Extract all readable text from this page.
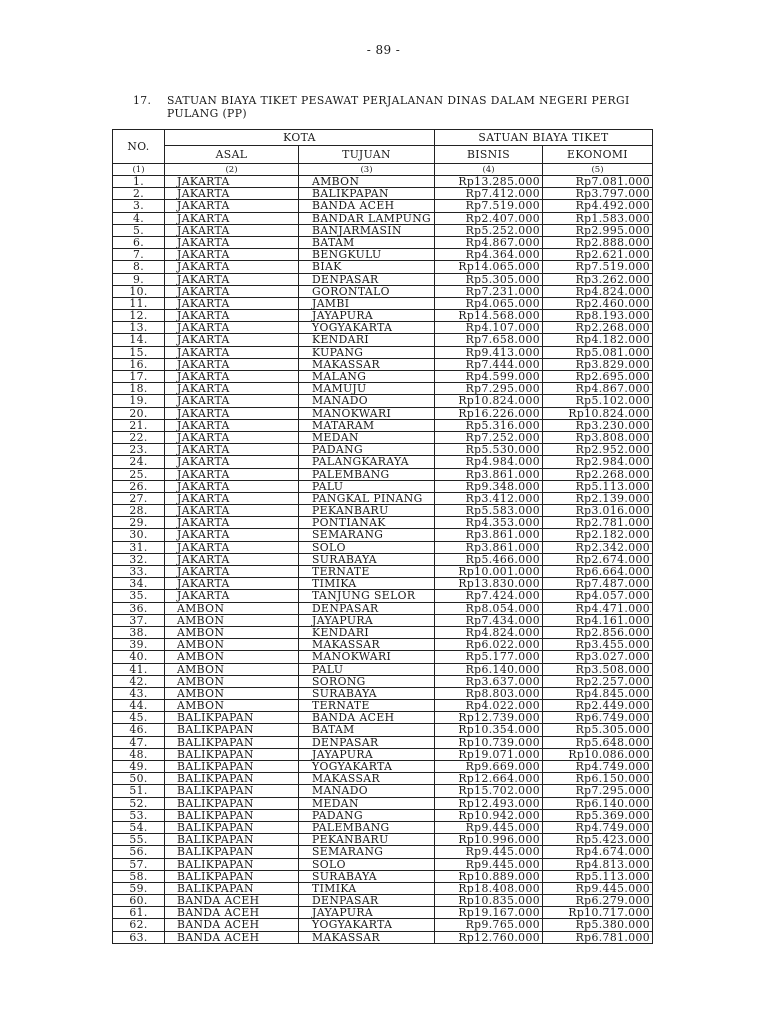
- 89 -
17. SATUAN BIAYA TIKET PESAWAT PERJALANAN DINAS DALAM NEGERI PERGI
PULANG (PP)
NO.
KOTA	SATUAN BIAYA TIKET
ASAL	TUJUAN	BISNIS	EKONOMI
(1)	(2)	(3)	(4)	(5)
1.	JAKARTA	AMBON	Rp13.285.000	Rp7.081.000
2.	JAKARTA	BALIKPAPAN	Rp7.412.000	Rp3.797.000
3.	JAKARTA	BANDA ACEH	Rp7.519.000	Rp4.492.000
4.	JAKARTA	BANDAR LAMPUNG	Rp2.407.000	Rp1.583.000
5.	JAKARTA	BANJARMASIN	Rp5.252.000	Rp2.995.000
6.	JAKARTA	BATAM	Rp4.867.000	Rp2.888.000
7.	JAKARTA	BENGKULU	Rp4.364.000	Rp2.621.000
8.	JAKARTA	BIAK	Rp14.065.000	Rp7.519.000
9.	JAKARTA	DENPASAR	Rp5.305.000	Rp3.262.000
10.	JAKARTA	GORONTALO	Rp7.231.000	Rp4.824.000
11.	JAKARTA	JAMBI	Rp4.065.000	Rp2.460.000
12.	JAKARTA	JAYAPURA	Rp14.568.000	Rp8.193.000
13.	JAKARTA	YOGYAKARTA	Rp4.107.000	Rp2.268.000
14.	JAKARTA	KENDARI	Rp7.658.000	Rp4.182.000
15.	JAKARTA	KUPANG	Rp9.413.000	Rp5.081.000
16.	JAKARTA	MAKASSAR	Rp7.444.000	Rp3.829.000
17.	JAKARTA	MALANG	Rp4.599.000	Rp2.695.000
18.	JAKARTA	MAMUJU	Rp7.295.000	Rp4.867.000
19.	JAKARTA	MANADO	Rp10.824.000	Rp5.102.000
20.	JAKARTA	MANOKWARI	Rp16.226.000	Rp10.824.000
21.	JAKARTA	MATARAM	Rp5.316.000	Rp3.230.000
22.	JAKARTA	MEDAN	Rp7.252.000	Rp3.808.000
23.	JAKARTA	PADANG	Rp5.530.000	Rp2.952.000
24.	JAKARTA	PALANGKARAYA	Rp4.984.000	Rp2.984.000
25.	JAKARTA	PALEMBANG	Rp3.861.000	Rp2.268.000
26.	JAKARTA	PALU	Rp9.348.000	Rp5.113.000
27.	JAKARTA	PANGKAL PINANG	Rp3.412.000	Rp2.139.000
28.	JAKARTA	PEKANBARU	Rp5.583.000	Rp3.016.000
29.	JAKARTA	PONTIANAK	Rp4.353.000	Rp2.781.000
30.	JAKARTA	SEMARANG	Rp3.861.000	Rp2.182.000
31.	JAKARTA	SOLO	Rp3.861.000	Rp2.342.000
32.	JAKARTA	SURABAYA	Rp5.466.000	Rp2.674.000
33.	JAKARTA	TERNATE	Rp10.001.000	Rp6.664.000
34.	JAKARTA	TIMIKA	Rp13.830.000	Rp7.487.000
35.	JAKARTA	TANJUNG SELOR	Rp7.424.000	Rp4.057.000
36.	AMBON	DENPASAR	Rp8.054.000	Rp4.471.000
37.	AMBON	JAYAPURA	Rp7.434.000	Rp4.161.000
38.	AMBON	KENDARI	Rp4.824.000	Rp2.856.000
39.	AMBON	MAKASSAR	Rp6.022.000	Rp3.455.000
40.	AMBON	MANOKWARI	Rp5.177.000	Rp3.027.000
41.	AMBON	PALU	Rp6.140.000	Rp3.508.000
42.	AMBON	SORONG	Rp3.637.000	Rp2.257.000
43.	AMBON	SURABAYA	Rp8.803.000	Rp4.845.000
44.	AMBON	TERNATE	Rp4.022.000	Rp2.449.000
45.	BALIKPAPAN	BANDA ACEH	Rp12.739.000	Rp6.749.000
46.	BALIKPAPAN	BATAM	Rp10.354.000	Rp5.305.000
47.	BALIKPAPAN	DENPASAR	Rp10.739.000	Rp5.648.000
48.	BALIKPAPAN	JAYAPURA	Rp19.071.000	Rp10.086.000
49.	BALIKPAPAN	YOGYAKARTA	Rp9.669.000	Rp4.749.000
50.	BALIKPAPAN	MAKASSAR	Rp12.664.000	Rp6.150.000
51.	BALIKPAPAN	MANADO	Rp15.702.000	Rp7.295.000
52.	BALIKPAPAN	MEDAN	Rp12.493.000	Rp6.140.000
53.	BALIKPAPAN	PADANG	Rp10.942.000	Rp5.369.000
54.	BALIKPAPAN	PALEMBANG	Rp9.445.000	Rp4.749.000
55.	BALIKPAPAN	PEKANBARU	Rp10.996.000	Rp5.423.000
56.	BALIKPAPAN	SEMARANG	Rp9.445.000	Rp4.674.000
57.	BALIKPAPAN	SOLO	Rp9.445.000	Rp4.813.000
58.	BALIKPAPAN	SURABAYA	Rp10.889.000	Rp5.113.000
59.	BALIKPAPAN	TIMIKA	Rp18.408.000	Rp9.445.000
60.	BANDA ACEH	DENPASAR	Rp10.835.000	Rp6.279.000
61.	BANDA ACEH	JAYAPURA	Rp19.167.000	Rp10.717.000
62.	BANDA ACEH	YOGYAKARTA	Rp9.765.000	Rp5.380.000
63.	BANDA ACEH	MAKASSAR	Rp12.760.000	Rp6.781.000
